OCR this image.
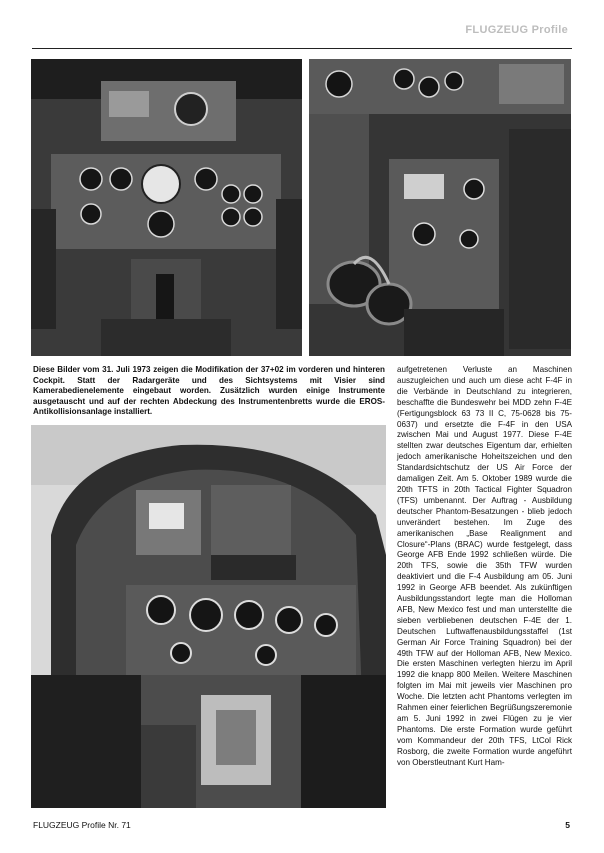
FLUGZEUG Profile

Diese Bilder vom 31. Juli 1973 zeigen die Modifikation der 37+02 im vorderen und hinteren Cockpit. Statt der Radargeräte und des Sichtsystems mit Visier sind Kamerabedienelemente eingebaut worden. Zusätzlich wurden einige Instrumente ausgetauscht und auf der rechten Abdeckung des Instrumentenbretts wurde die EROS-Antikollisionsanlage installiert.

aufgetretenen Verluste an Maschinen auszugleichen und auch um diese acht F-4F in die Verbände in Deutschland zu integrieren, beschaffte die Bundeswehr bei MDD zehn F-4E (Fertigungsblock 63 73 II C, 75-0628 bis 75-0637) und ersetzte die F-4F in den USA zwischen Mai und August 1977. Diese F-4E stellten zwar deutsches Eigentum dar, erhielten jedoch amerikanische Hoheitszeichen und den Standardsichtschutz der US Air Force der damaligen Zeit. Am 5. Oktober 1989 wurde die 20th TFTS in 20th Tactical Fighter Squadron (TFS) umbenannt. Der Auftrag - Ausbildung deutscher Phantom-Besatzungen - blieb jedoch unverändert bestehen. Im Zuge des amerikanischen „Base Realignment and Closure“-Plans (BRAC) wurde festgelegt, dass George AFB Ende 1992 schließen würde. Die 20th TFS, sowie die 35th TFW wurden deaktiviert und die F-4 Ausbildung am 05. Juni 1992 in George AFB beendet. Als zukünftigen Ausbildungsstandort legte man die Holloman AFB, New Mexico fest und man unterstellte die sieben verbliebenen deutschen F-4E der 1. Deutschen Luftwaffenausbildungsstaffel (1st German Air Force Training Squadron) bei der 49th TFW auf der Holloman AFB, New Mexico. Die ersten Maschinen verlegten hierzu im April 1992 die knapp 800 Meilen. Weitere Maschinen folgten im Mai mit jeweils vier Maschinen pro Woche. Die letzten acht Phantoms verlegten im Rahmen einer feierlichen Begrüßungszeremonie am 5. Juni 1992 in zwei Flügen zu je vier Phantoms. Die erste Formation wurde geführt vom Kommandeur der 20th TFS, LtCol Rick Rosborg, die zweite Formation wurde angeführt von Oberstleutnant Kurt Ham-

FLUGZEUG Profile Nr. 71	5
